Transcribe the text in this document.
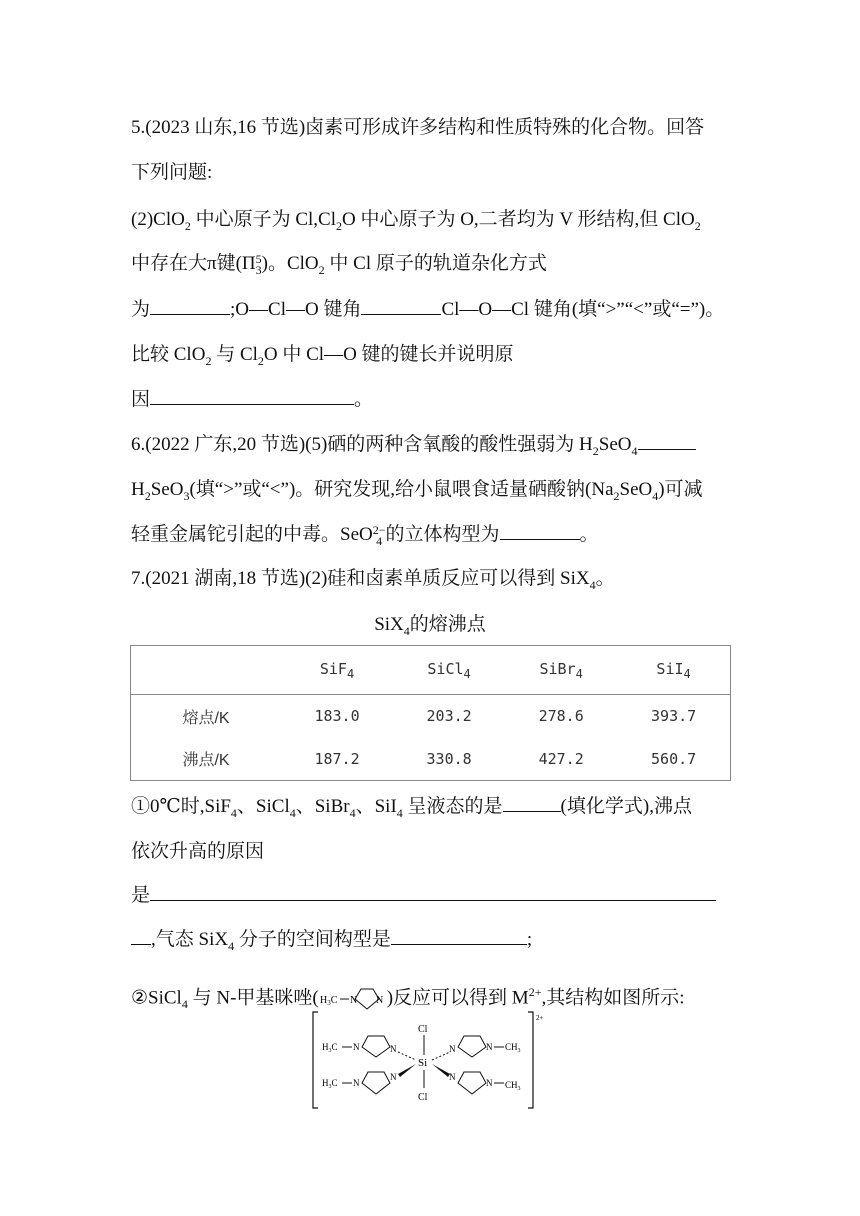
5.(2023 山东,16 节选)卤素可形成许多结构和性质特殊的化合物。回答
下列问题:
(2)ClO$_2$ 中心原子为 $Cl,Cl_2O$ 中心原子为 O,二者均为 V 形结构,但 ClO$_2$
中存在大π键(Π5
3)。ClO$_2$ 中 Cl 原子的轨道杂化方式
为	;O—Cl—O 键角	Cl—O—Cl 键角(填“>”“<”或“=”)。
比较 ClO$_2$ 与 $Cl_2O$ 中 Cl—O 键的键长并说明原
因	。
6.(2022 广东,20 节选)(5)硒的两种含氧酸的酸性强弱为 $H_2SeO_4$
$H_2SeO_3$(填“>”或“<”)。研究发现,给小鼠喂食适量硒酸钠$(Na_2SeO_4)$可减
轻重金属铊引起的中毒。SeO2−
4 的立体构型为	。
7.(2021 湖南,18 节选)(2)硅和卤素单质反应可以得到 SiX$_4$。
SiX$_4$的熔沸点
	SiF$_4$	SiCl$_4$	SiBr$_4$	SiI$_4$
熔点/K	183.0	203.2	278.6	393.7
沸点/K	187.2	330.8	427.2	560.7
①0℃时,SiF$_4$、SiCl$_4$、SiBr$_4$、SiI$_4$ 呈液态的是	(填化学式),沸点
依次升高的原因
是
,气态 SiX$_4$ 分子的空间构型是	;
②SiCl$_4$ 与 N-甲基咪唑( $H_3C$ N N )反应可以得到 $M^{2+}$,其结构如图所示:
2+
Si
Cl
Cl
$H_3C$ N	N
$H_3C$ N
N
N	N $CH_3$
N
N $CH_3$
